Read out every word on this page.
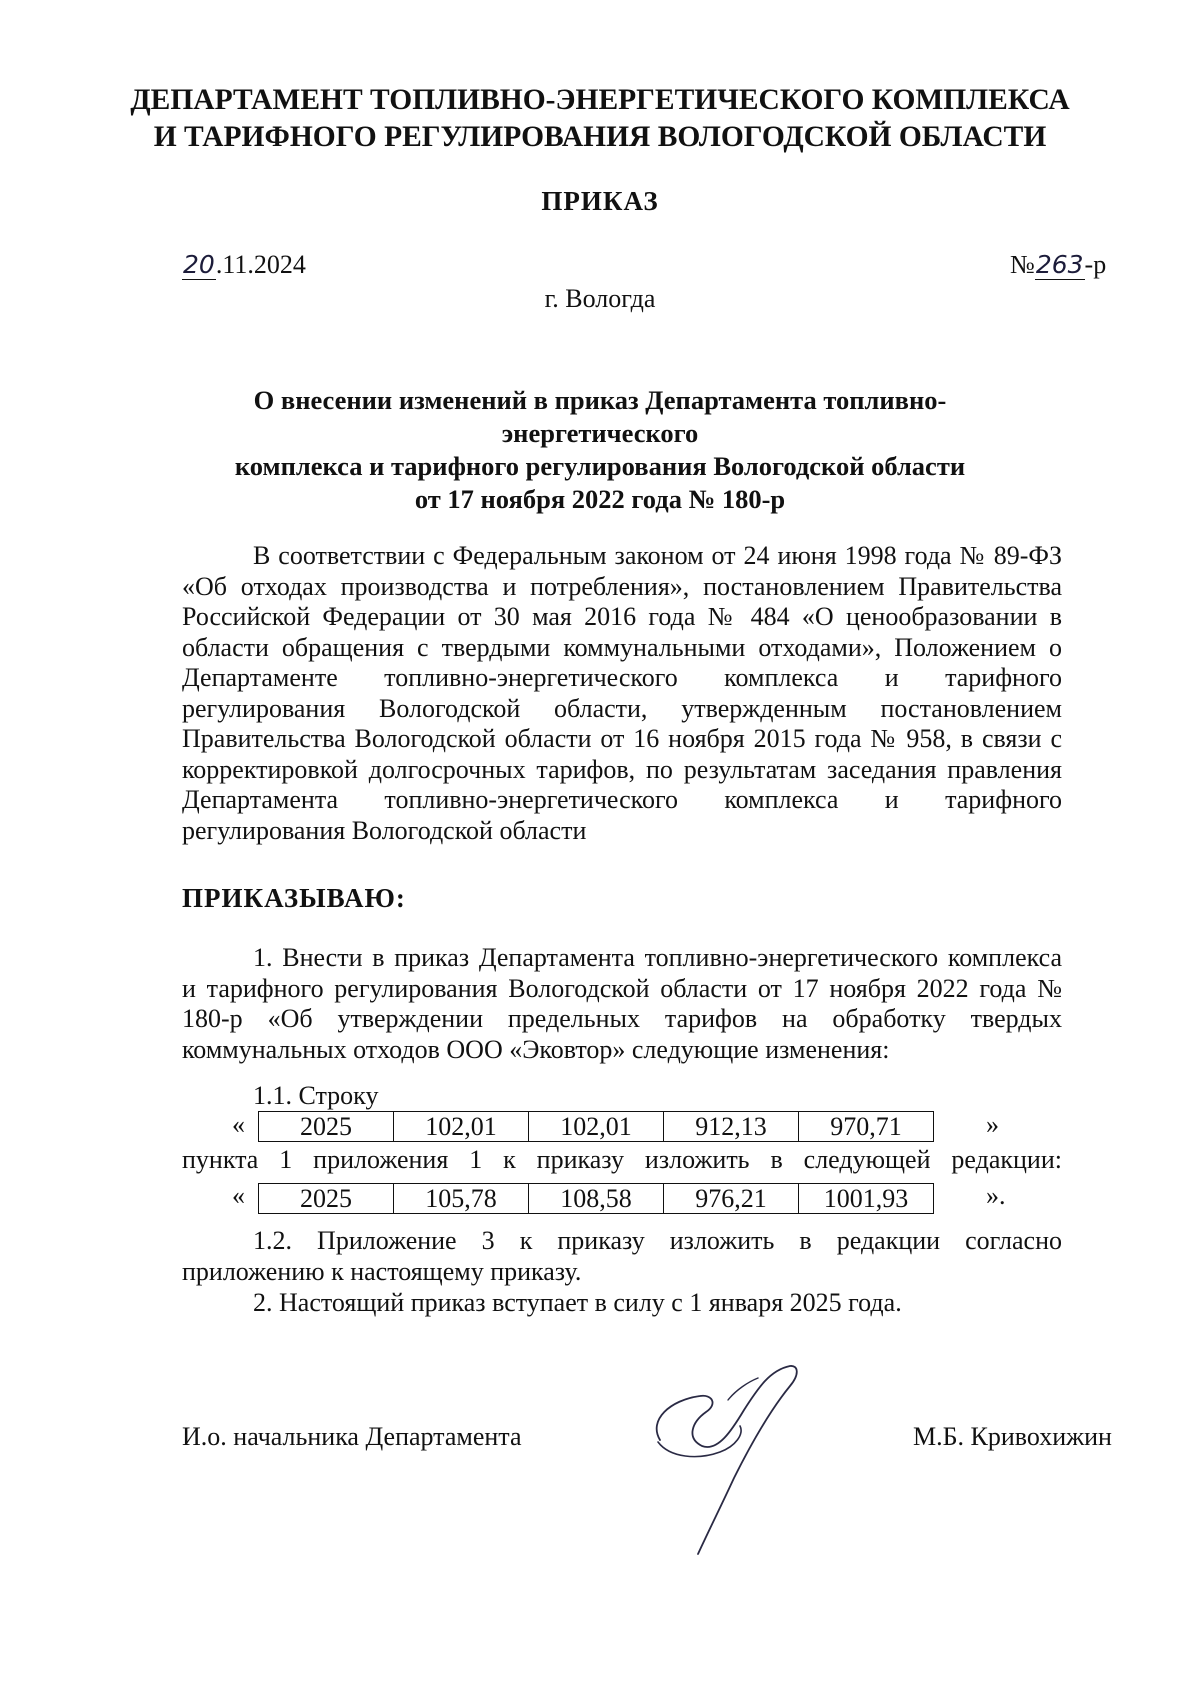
ДЕПАРТАМЕНТ ТОПЛИВНО-ЭНЕРГЕТИЧЕСКОГО КОМПЛЕКСА
И ТАРИФНОГО РЕГУЛИРОВАНИЯ ВОЛОГОДСКОЙ ОБЛАСТИ
ПРИКАЗ
20.11.2024	№263-р
г. Вологда
О внесении изменений в приказ Департамента топливно-энергетического
комплекса и тарифного регулирования Вологодской области
от 17 ноября 2022 года № 180-р
В соответствии с Федеральным законом от 24 июня 1998 года № 89-ФЗ «Об отходах производства и потребления», постановлением Правительства Российской Федерации от 30 мая 2016 года № 484 «О ценообразовании в области обращения с твердыми коммунальными отходами», Положением о Департаменте топливно-энергетического комплекса и тарифного регулирования Вологодской области, утвержденным постановлением Правительства Вологодской области от 16 ноября 2015 года № 958, в связи с корректировкой долгосрочных тарифов, по результатам заседания правления Департамента топливно-энергетического комплекса и тарифного регулирования Вологодской области
ПРИКАЗЫВАЮ:
1. Внести в приказ Департамента топливно-энергетического комплекса и тарифного регулирования Вологодской области от 17 ноября 2022 года № 180-р «Об утверждении предельных тарифов на обработку твердых коммунальных отходов ООО «Эковтор» следующие изменения:
1.1. Строку
« 2025	102,01	102,01	912,13	970,71	»
пункта 1 приложения 1 к приказу изложить в следующей редакции:
« 2025	105,78	108,58	976,21	1001,93	».
1.2. Приложение 3 к приказу изложить в редакции согласно приложению к настоящему приказу.
2. Настоящий приказ вступает в силу с 1 января 2025 года.
И.о. начальника Департамента	М.Б. Кривохижин
